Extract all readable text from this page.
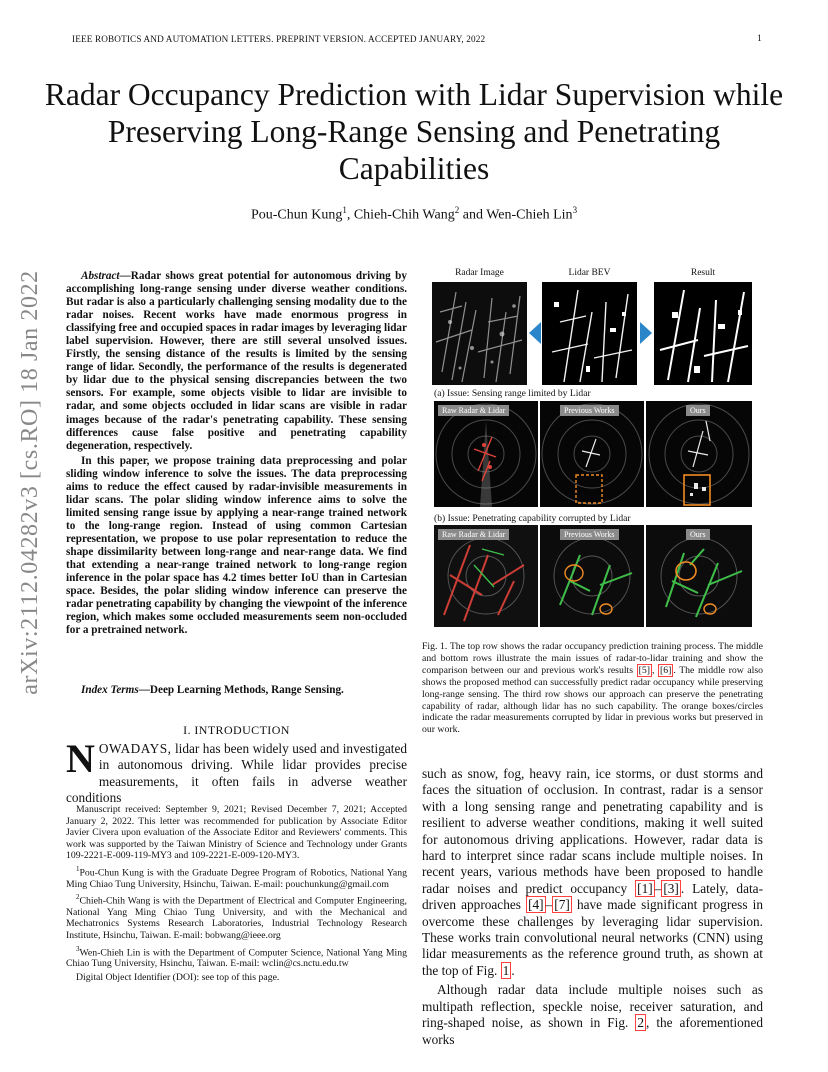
IEEE ROBOTICS AND AUTOMATION LETTERS. PREPRINT VERSION. ACCEPTED JANUARY, 2022	1
Radar Occupancy Prediction with Lidar Supervision while Preserving Long-Range Sensing and Penetrating Capabilities
Pou-Chun Kung$^1$, Chieh-Chih Wang$^2$ and Wen-Chieh Lin$^3$
arXiv:2112.04282v3 [cs.RO] 18 Jan 2022	Abstract—Radar shows great potential for autonomous driving by accomplishing long-range sensing under diverse weather conditions. But radar is also a particularly challenging sensing modality due to the radar noises. Recent works have made enormous progress in classifying free and occupied spaces in radar images by leveraging lidar label supervision. However, there are still several unsolved issues. Firstly, the sensing distance of the results is limited by the sensing range of lidar. Secondly, the performance of the results is degenerated by lidar due to the physical sensing discrepancies between the two sensors. For example, some objects visible to lidar are invisible to radar, and some objects occluded in lidar scans are visible in radar images because of the radar's penetrating capability. These sensing differences cause false positive and penetrating capability degeneration, respectively.

In this paper, we propose training data preprocessing and polar sliding window inference to solve the issues. The data preprocessing aims to reduce the effect caused by radar-invisible measurements in lidar scans. The polar sliding window inference aims to solve the limited sensing range issue by applying a near-range trained network to the long-range region. Instead of using common Cartesian representation, we propose to use polar representation to reduce the shape dissimilarity between long-range and near-range data. We find that extending a near-range trained network to long-range region inference in the polar space has 4.2 times better IoU than in Cartesian space. Besides, the polar sliding window inference can preserve the radar penetrating capability by changing the viewpoint of the inference region, which makes some occluded measurements seem non-occluded for a pretrained network.

Index Terms—Deep Learning Methods, Range Sensing.
I. INTRODUCTION
NOWADAYS, lidar has been widely used and investigated in autonomous driving. While lidar provides precise measurements, it often fails in adverse weather conditions

Manuscript received: September 9, 2021; Revised December 7, 2021; Accepted January 2, 2022. This letter was recommended for publication by Associate Editor Javier Civera upon evaluation of the Associate Editor and Reviewers' comments. This work was supported by the Taiwan Ministry of Science and Technology under Grants 109-2221-E-009-119-MY3 and 109-2221-E-009-120-MY3.

$^1$Pou-Chun Kung is with the Graduate Degree Program of Robotics, National Yang Ming Chiao Tung University, Hsinchu, Taiwan. E-mail: pouchunkung@gmail.com

$^2$Chieh-Chih Wang is with the Department of Electrical and Computer Engineering, National Yang Ming Chiao Tung University, and with the Mechanical and Mechatronics Systems Research Laboratories, Industrial Technology Research Institute, Hsinchu, Taiwan. E-mail: bobwang@ieee.org

$^3$Wen-Chieh Lin is with the Department of Computer Science, National Yang Ming Chiao Tung University, Hsinchu, Taiwan. E-mail: wclin@cs.nctu.edu.tw

Digital Object Identifier (DOI): see top of this page.

Radar Image	Lidar BEV	Result
(a) Issue: Sensing range limited by Lidar
Raw Radar & Lidar	Previous Works	Ours
(b) Issue: Penetrating capability corrupted by Lidar
Raw Radar & Lidar	Previous Works	Ours
Fig. 1. The top row shows the radar occupancy prediction training process. The middle and bottom rows illustrate the main issues of radar-to-lidar training and show the comparison between our and previous work's results [5] , [6] . The middle row also shows the proposed method can successfully predict radar occupancy while preserving long-range sensing. The third row shows our approach can preserve the penetrating capability of radar, although lidar has no such capability. The orange boxes/circles indicate the radar measurements corrupted by lidar in previous works but preserved in our work.

such as snow, fog, heavy rain, ice storms, or dust storms and faces the situation of occlusion. In contrast, radar is a sensor with a long sensing range and penetrating capability and is resilient to adverse weather conditions, making it well suited for autonomous driving applications. However, radar data is hard to interpret since radar scans include multiple noises. In recent years, various methods have been proposed to handle radar noises and predict occupancy [1] – [3] . Lately, data-driven approaches [4] – [7] have made significant progress in overcome these challenges by leveraging lidar supervision. These works train convolutional neural networks (CNN) using lidar measurements as the reference ground truth, as shown at the top of Fig. 1 .

Although radar data include multiple noises such as multipath reflection, speckle noise, receiver saturation, and ring-shaped noise, as shown in Fig. 2 , the aforementioned works
